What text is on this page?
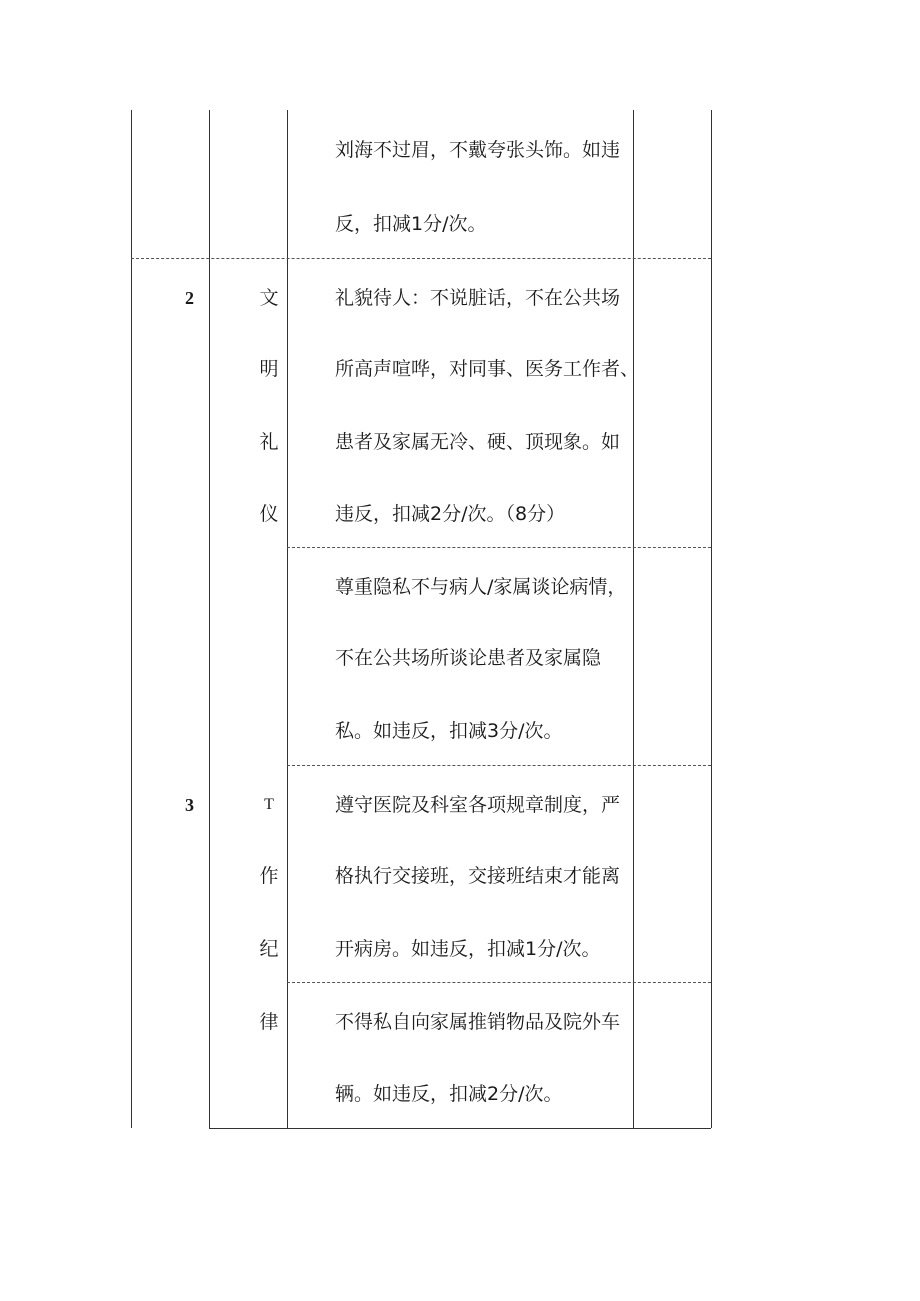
刘海不过眉，不戴夸张头饰。如违
反，扣减1分/次。
2	文
明
礼
仪
礼貌待人：不说脏话，不在公共场
所高声喧哗，对同事、医务工作者、
患者及家属无冷、硬、顶现象。如
违反，扣减2分/次。（8分）
尊重隐私不与病人/家属谈论病情，
不在公共场所谈论患者及家属隐
私。如违反，扣减3分/次。
3	T
作
纪
律
遵守医院及科室各项规章制度，严
格执行交接班，交接班结束才能离
开病房。如违反，扣减1分/次。
不得私自向家属推销物品及院外车
辆。如违反，扣减2分/次。
